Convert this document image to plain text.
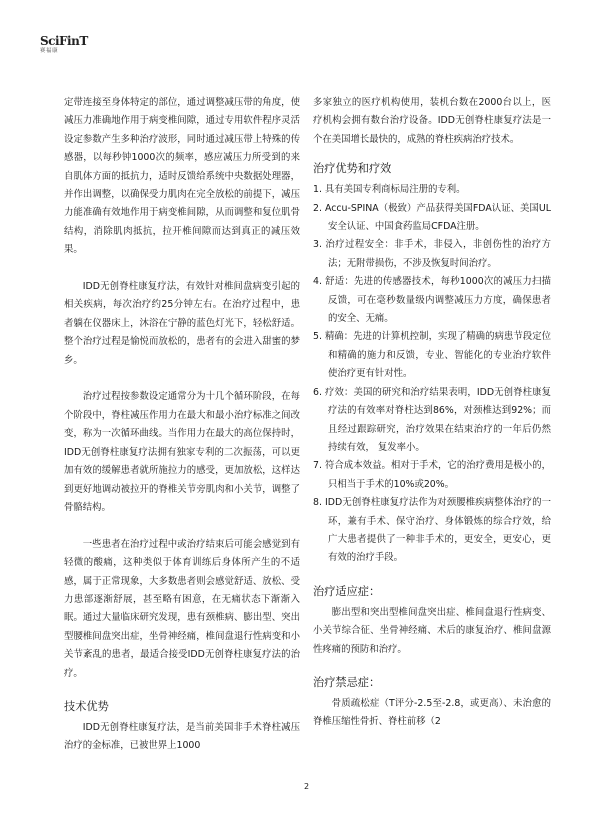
SciFinT
赛福康

定带连接至身体特定的部位，通过调整减压带的角度，使减压力准确地作用于病变椎间隙，通过专用软件程序灵活设定参数产生多种治疗波形，同时通过减压带上特殊的传感器，以每秒钟1000次的频率，感应减压力所受到的来自肌体方面的抵抗力，适时反馈给系统中央数据处理器，并作出调整，以确保受力肌肉在完全放松的前提下，减压力能准确有效地作用于病变椎间隙，从而调整和复位肌骨结构，消除肌肉抵抗，拉开椎间隙而达到真正的减压效果。

IDD无创脊柱康复疗法，有效针对椎间盘病变引起的相关疾病，每次治疗约25分钟左右。在治疗过程中，患者躺在仪器床上，沐浴在宁静的蓝色灯光下，轻松舒适。整个治疗过程是愉悦而放松的，患者有的会进入甜蜜的梦乡。

治疗过程按参数设定通常分为十几个循环阶段，在每个阶段中，脊柱减压作用力在最大和最小治疗标准之间改变，称为一次循环曲线。当作用力在最大的高位保持时，IDD无创脊柱康复疗法拥有独家专利的二次振荡，可以更加有效的缓解患者就所施拉力的感受，更加放松，这样达到更好地调动被拉开的脊椎关节旁肌肉和小关节，调整了骨骼结构。

一些患者在治疗过程中或治疗结束后可能会感觉到有轻微的酸痛，这种类似于体育训练后身体所产生的不适感，属于正常现象，大多数患者则会感觉舒适、放松、受力患部逐渐舒展，甚至略有困意，在无痛状态下渐渐入眠。通过大量临床研究发现，患有颈椎病、膨出型、突出型腰椎间盘突出症，坐骨神经痛，椎间盘退行性病变和小关节紊乱的患者，最适合接受IDD无创脊柱康复疗法的治疗。

技术优势

IDD无创脊柱康复疗法，是当前美国非手术脊柱减压治疗的金标准，已被世界上1000

多家独立的医疗机构使用，装机台数在2000台以上，医疗机构会拥有数台治疗设备。IDD无创脊柱康复疗法是一个在美国增长最快的，成熟的脊柱疾病治疗技术。

治疗优势和疗效
1. 具有美国专利商标局注册的专利。
2. Accu-SPINA（极致）产品获得美国FDA认证、美国UL安全认证、中国食药监局CFDA注册。
3. 治疗过程安全：非手术，非侵入，非创伤性的治疗方法；无附带损伤，不涉及恢复时间治疗。
4. 舒适：先进的传感器技术，每秒1000次的减压力扫描反馈，可在毫秒数量级内调整减压力方度，确保患者的安全、无痛。
5. 精确：先进的计算机控制，实现了精确的病患节段定位和精确的施力和反馈，专业、智能化的专业治疗软件使治疗更有针对性。
6. 疗效：美国的研究和治疗结果表明，IDD无创脊柱康复疗法的有效率对脊柱达到86%，对颈椎达到92%；而且经过跟踪研究，治疗效果在结束治疗的一年后仍然持续有效， 复发率小。
7. 符合成本效益。相对于手术，它的治疗费用是极小的，只相当于手术的10%或20%。
8. IDD无创脊柱康复疗法作为对颈腰椎疾病整体治疗的一环，兼有手术、保守治疗、身体锻炼的综合疗效，给广大患者提供了一种非手术的，更安全，更安心，更有效的治疗手段。
治疗适应症：

膨出型和突出型椎间盘突出症、椎间盘退行性病变、小关节综合征、坐骨神经痛、术后的康复治疗、椎间盘源性疼痛的预防和治疗。

治疗禁忌症：

骨质疏松症（T评分-2.5至-2.8，或更高）、未治愈的脊椎压缩性骨折、脊柱前移（2

2
